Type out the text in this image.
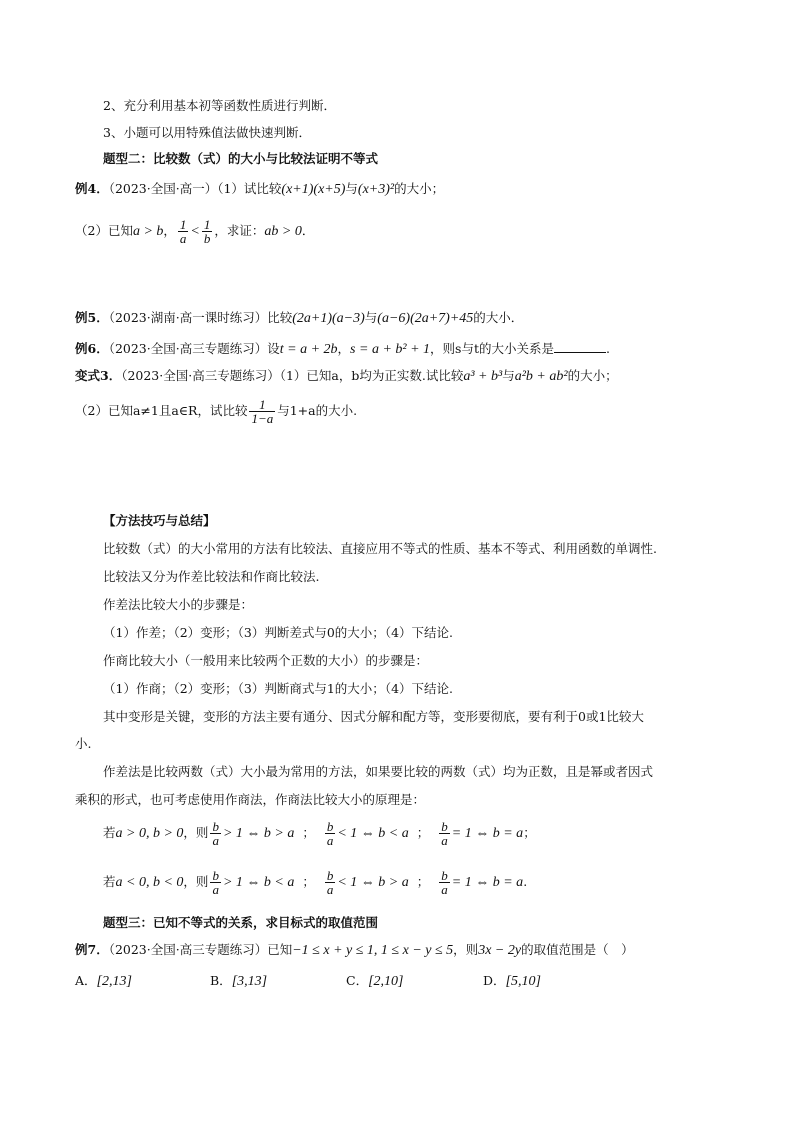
2、充分利用基本初等函数性质进行判断．
3、小题可以用特殊值法做快速判断．
题型二：比较数（式）的大小与比较法证明不等式
例4．（2023·全国·高一）（1）试比较(x+1)(x+5)与(x+3)²的大小；
（2）已知a > b， $\frac{1}{a} < \frac{1}{b}$ ，求证：ab > 0．
例5．（2023·湖南·高一课时练习）比较(2a+1)(a−3)与(a−6)(2a+7)+45的大小．
例6．（2023·全国·高三专题练习）设t = a + 2b，s = a + b² + 1，则s与t的大小关系是	.
变式3．（2023·全国·高三专题练习）（1）已知a，b均为正实数.试比较a³ + b³与a²b + ab²的大小；
（2）已知a≠1且a∈R，试比较 $\frac{1}{1-a}$ 与1+a的大小.
【方法技巧与总结】
比较数（式）的大小常用的方法有比较法、直接应用不等式的性质、基本不等式、利用函数的单调性.
比较法又分为作差比较法和作商比较法.
作差法比较大小的步骤是：
（1）作差；（2）变形；（3）判断差式与0的大小；（4）下结论.
作商比较大小（一般用来比较两个正数的大小）的步骤是：
（1）作商；（2）变形；（3）判断商式与1的大小；（4）下结论.
其中变形是关键，变形的方法主要有通分、因式分解和配方等，变形要彻底，要有利于0或1比较大
小.
作差法是比较两数（式）大小最为常用的方法，如果要比较的两数（式）均为正数，且是幂或者因式
乘积的形式，也可考虑使用作商法，作商法比较大小的原理是：
若a > 0, b > 0，则 $\frac{b}{a} > 1$ ⇔ b > a ； $\frac{b}{a} < 1$ ⇔ b < a ； $\frac{b}{a} = 1$ ⇔ b = a；
若a < 0, b < 0，则 $\frac{b}{a} > 1$ ⇔ b < a ； $\frac{b}{a} < 1$ ⇔ b > a ； $\frac{b}{a} = 1$ ⇔ b = a.
题型三：已知不等式的关系，求目标式的取值范围
例7．（2023·全国·高三专题练习）已知−1 ≤ x + y ≤ 1, 1 ≤ x − y ≤ 5，则3x − 2y的取值范围是（　）
A．[2,13]	B．[3,13]	C．[2,10]	D．[5,10]
